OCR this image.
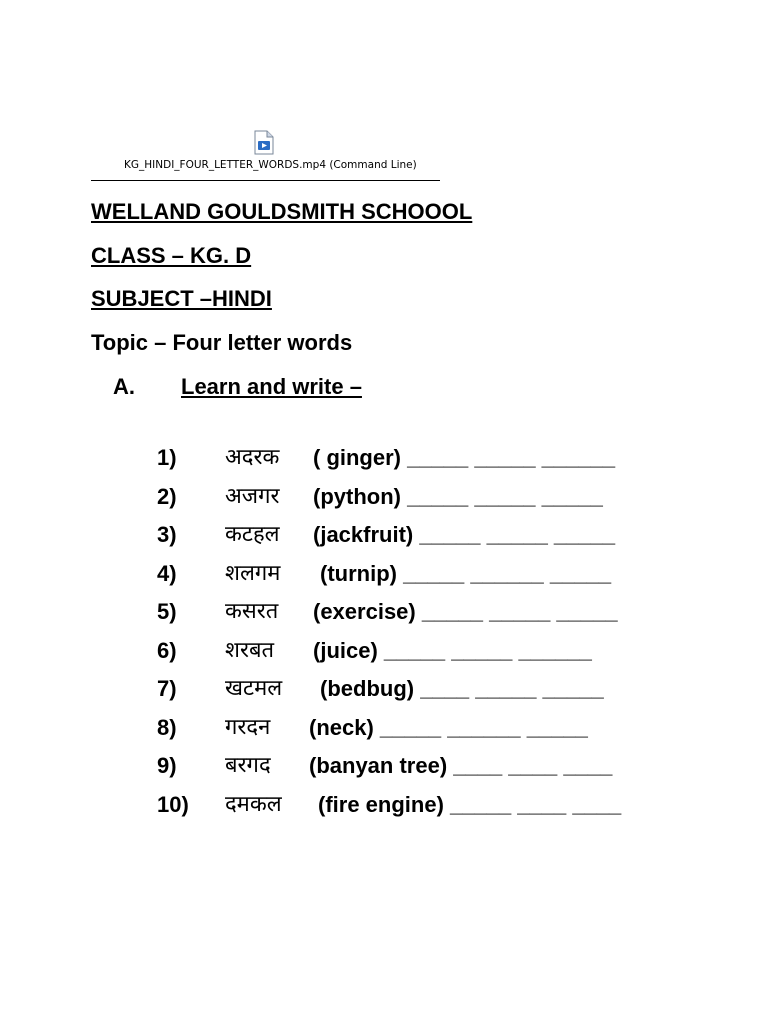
KG_HINDI_FOUR_LETTER_WORDS.mp4 (Command Line)
WELLAND GOULDSMITH SCHOOOL
CLASS – KG. D
SUBJECT –HINDI
Topic – Four letter words
A. Learn and write –
1) अदरक ( ginger) _____ _____ ______
2) अजगर (python) _____ _____ _____
3) कटहल (jackfruit) _____ _____ _____
4) शलगम (turnip) _____ ______ _____
5) कसरत (exercise) _____ _____ _____
6) शरबत (juice) _____ _____ ______
7) खटमल (bedbug) ____ _____ _____
8) गरदन (neck) _____ ______ _____
9) बरगद (banyan tree) ____ ____ ____
10) दमकल (fire engine) _____ ____ ____
